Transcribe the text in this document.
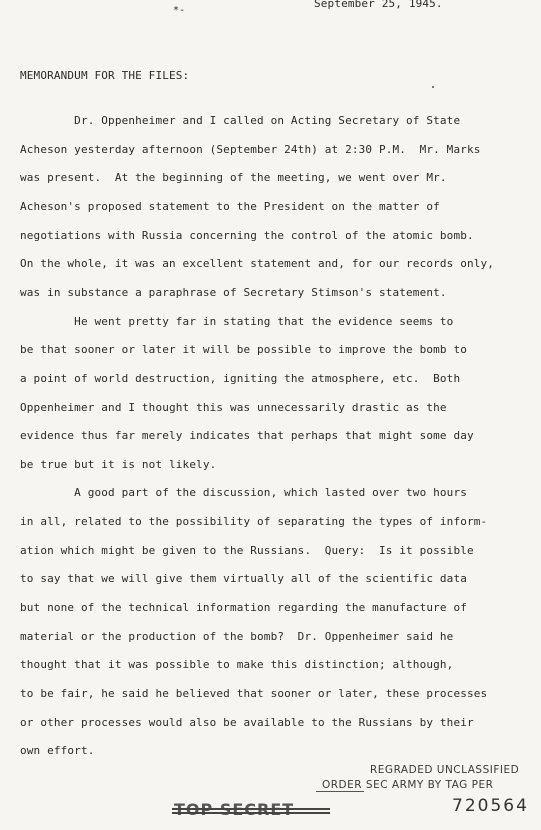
*-
September 25, 1945.
MEMORANDUM FOR THE FILES:
Dr. Oppenheimer and I called on Acting Secretary of State
Acheson yesterday afternoon (September 24th) at 2:30 P.M.  Mr. Marks
was present.  At the beginning of the meeting, we went over Mr.
Acheson's proposed statement to the President on the matter of
negotiations with Russia concerning the control of the atomic bomb.
On the whole, it was an excellent statement and, for our records only,
was in substance a paraphrase of Secretary Stimson's statement.
He went pretty far in stating that the evidence seems to
be that sooner or later it will be possible to improve the bomb to
a point of world destruction, igniting the atmosphere, etc.  Both
Oppenheimer and I thought this was unnecessarily drastic as the
evidence thus far merely indicates that perhaps that might some day
be true but it is not likely.
A good part of the discussion, which lasted over two hours
in all, related to the possibility of separating the types of inform-
ation which might be given to the Russians.  Query:  Is it possible
to say that we will give them virtually all of the scientific data
but none of the technical information regarding the manufacture of
material or the production of the bomb?  Dr. Oppenheimer said he
thought that it was possible to make this distinction; although,
to be fair, he said he believed that sooner or later, these processes
or other processes would also be available to the Russians by their
own effort.
REGRADED UNCLASSIFIED
ORDER SEC ARMY BY TAG PER
720564
